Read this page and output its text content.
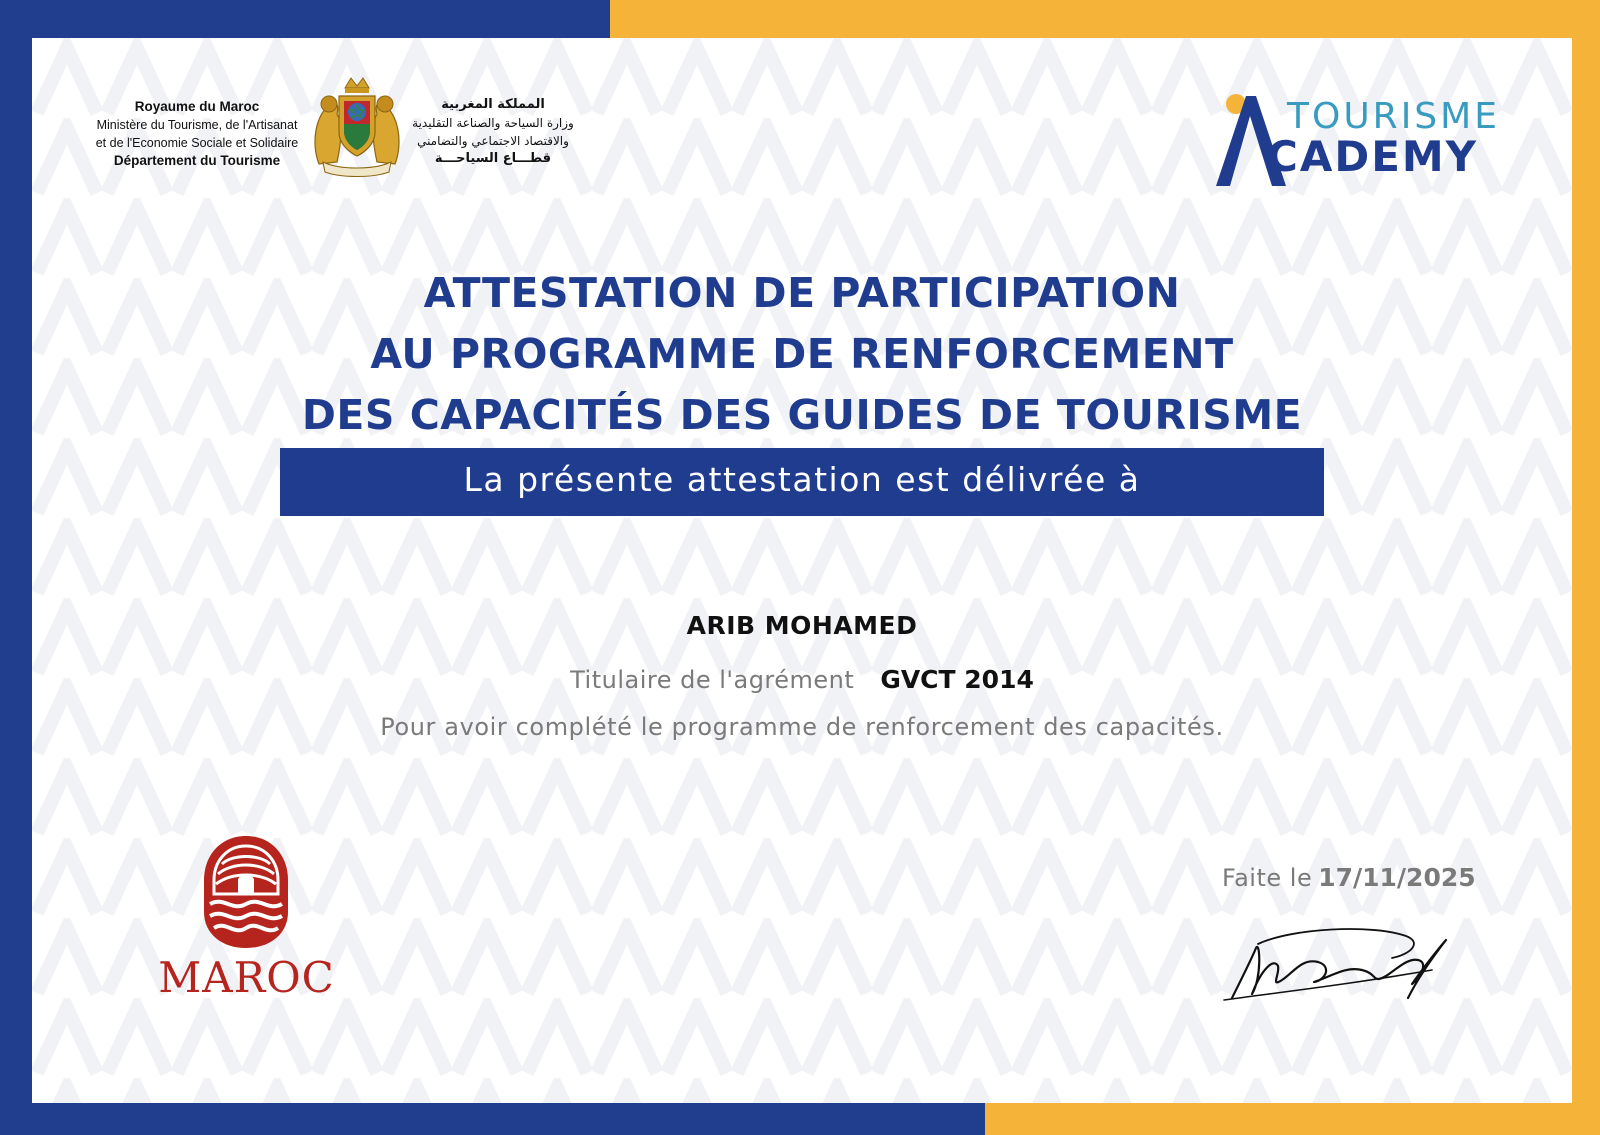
Royaume du Maroc
Ministère du Tourisme, de l'Artisanat
et de l'Economie Sociale et Solidaire
Département du Tourisme
المملكة المغربية
وزارة السياحة والصناعة التقليدية
والاقتصاد الاجتماعي والتضامني
قطـــاع السياحـــة
TOURISME
CADEMY
ATTESTATION DE PARTICIPATION
AU PROGRAMME DE RENFORCEMENT
DES CAPACITÉS DES GUIDES DE TOURISME
La présente attestation est délivrée à
ARIB MOHAMED
Titulaire de l'agrément GVCT 2014
Pour avoir complété le programme de renforcement des capacités.
MAROC
Faite le 17/11/2025
